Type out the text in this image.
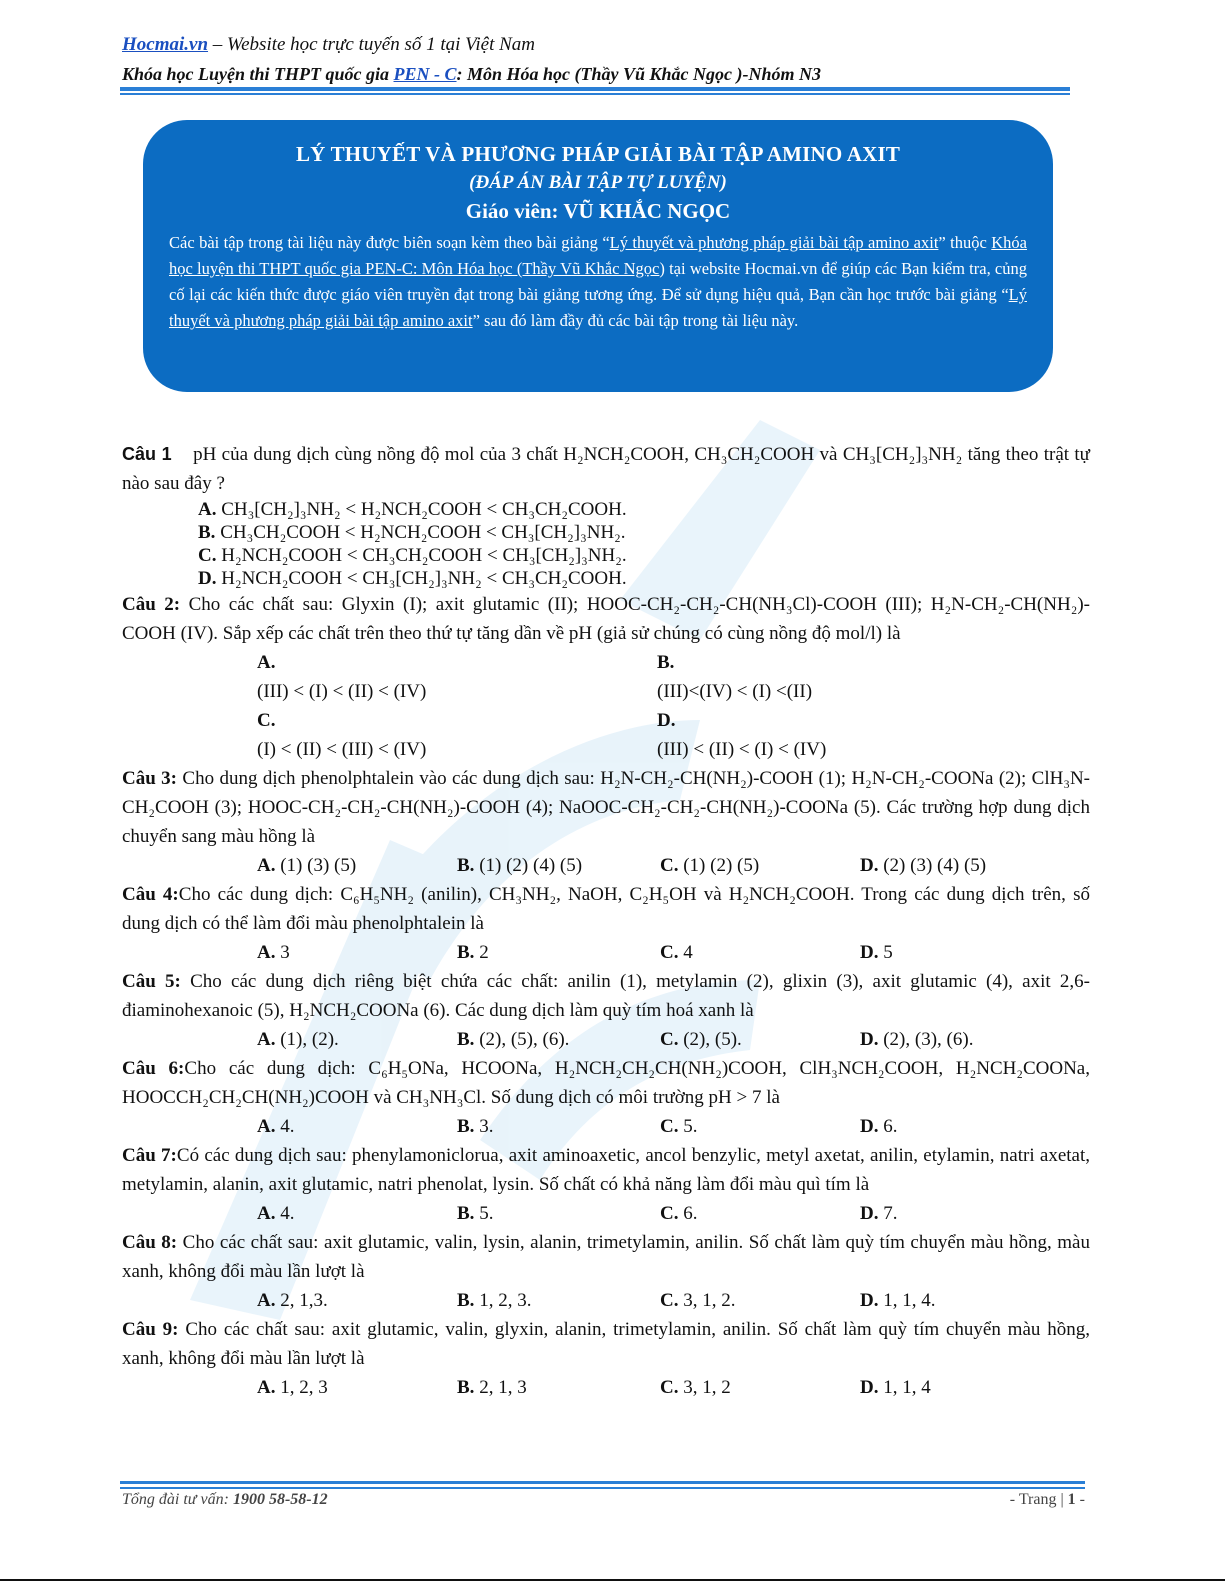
Hocmai.vn – Website học trực tuyến số 1 tại Việt Nam
Khóa học Luyện thi THPT quốc gia PEN - C: Môn Hóa học (Thầy Vũ Khắc Ngọc )-Nhóm N3
LÝ THUYẾT VÀ PHƯƠNG PHÁP GIẢI BÀI TẬP AMINO AXIT
(ĐÁP ÁN BÀI TẬP TỰ LUYỆN)
Giáo viên: VŨ KHẮC NGỌC
Các bài tập trong tài liệu này được biên soạn kèm theo bài giảng “Lý thuyết và phương pháp giải bài tập amino axit” thuộc Khóa học luyện thi THPT quốc gia PEN-C: Môn Hóa học (Thầy Vũ Khắc Ngọc) tại website Hocmai.vn để giúp các Bạn kiểm tra, củng cố lại các kiến thức được giáo viên truyền đạt trong bài giảng tương ứng. Để sử dụng hiệu quả, Bạn cần học trước bài giảng “Lý thuyết và phương pháp giải bài tập amino axit” sau đó làm đầy đủ các bài tập trong tài liệu này.
Câu 1 pH của dung dịch cùng nồng độ mol của 3 chất H₂NCH₂COOH, CH₃CH₂COOH và CH₃[CH₂]₃NH₂ tăng theo trật tự nào sau đây ?
A. CH₃[CH₂]₃NH₂ < H₂NCH₂COOH < CH₃CH₂COOH.
B. CH₃CH₂COOH < H₂NCH₂COOH < CH₃[CH₂]₃NH₂.
C. H₂NCH₂COOH < CH₃CH₂COOH < CH₃[CH₂]₃NH₂.
D. H₂NCH₂COOH < CH₃[CH₂]₃NH₂ < CH₃CH₂COOH.
Câu 2: Cho các chất sau: Glyxin (I); axit glutamic (II); HOOC-CH₂-CH₂-CH(NH₃Cl)-COOH (III); H₂N-CH₂-CH(NH₂)-COOH (IV). Sắp xếp các chất trên theo thứ tự tăng dần về pH (giả sử chúng có cùng nồng độ mol/l) là
A. (III) < (I) < (II) < (IV)
B. (III)<(IV) < (I) <(II)
C. (I) < (II) < (III) < (IV)
D. (III) < (II) < (I) < (IV)
Câu 3: Cho dung dịch phenolphtalein vào các dung dịch sau: H₂N-CH₂-CH(NH₂)-COOH (1); H₂N-CH₂-COONa (2); ClH₃N-CH₂COOH (3); HOOC-CH₂-CH₂-CH(NH₂)-COOH (4); NaOOC-CH₂-CH₂-CH(NH₂)-COONa (5). Các trường hợp dung dịch chuyển sang màu hồng là
A. (1) (3) (5)	B. (1) (2) (4) (5)	C. (1) (2) (5)	D. (2) (3) (4) (5)
Câu 4:Cho các dung dịch: C₆H₅NH₂ (anilin), CH₃NH₂, NaOH, C₂H₅OH và H₂NCH₂COOH. Trong các dung dịch trên, số dung dịch có thể làm đổi màu phenolphtalein là
A. 3	B. 2	C. 4	D. 5
Câu 5: Cho các dung dịch riêng biệt chứa các chất: anilin (1), metylamin (2), glixin (3), axit glutamic (4), axit 2,6- điaminohexanoic (5), H₂NCH₂COONa (6). Các dung dịch làm quỳ tím hoá xanh là
A. (1), (2).	B. (2), (5), (6).	C. (2), (5).	D. (2), (3), (6).
Câu 6:Cho các dung dịch: C₆H₅ONa, HCOONa, H₂NCH₂CH₂CH(NH₂)COOH, ClH₃NCH₂COOH, H₂NCH₂COONa, HOOCCH₂CH₂CH(NH₂)COOH và CH₃NH₃Cl. Số dung dịch có môi trường pH > 7 là
A. 4.	B. 3.	C. 5.	D. 6.
Câu 7:Có các dung dịch sau: phenylamoniclorua, axit aminoaxetic, ancol benzylic, metyl axetat, anilin, etylamin, natri axetat, metylamin, alanin, axit glutamic, natri phenolat, lysin. Số chất có khả năng làm đổi màu quì tím là
A. 4.	B. 5.	C. 6.	D. 7.
Câu 8: Cho các chất sau: axit glutamic, valin, lysin, alanin, trimetylamin, anilin. Số chất làm quỳ tím chuyển màu hồng, màu xanh, không đổi màu lần lượt là
A. 2, 1,3.	B. 1, 2, 3.	C. 3, 1, 2.	D. 1, 1, 4.
Câu 9: Cho các chất sau: axit glutamic, valin, glyxin, alanin, trimetylamin, anilin. Số chất làm quỳ tím chuyển màu hồng, xanh, không đổi màu lần lượt là
A. 1, 2, 3	B. 2, 1, 3	C. 3, 1, 2	D. 1, 1, 4
Tổng đài tư vấn: 1900 58-58-12	- Trang | 1 -
